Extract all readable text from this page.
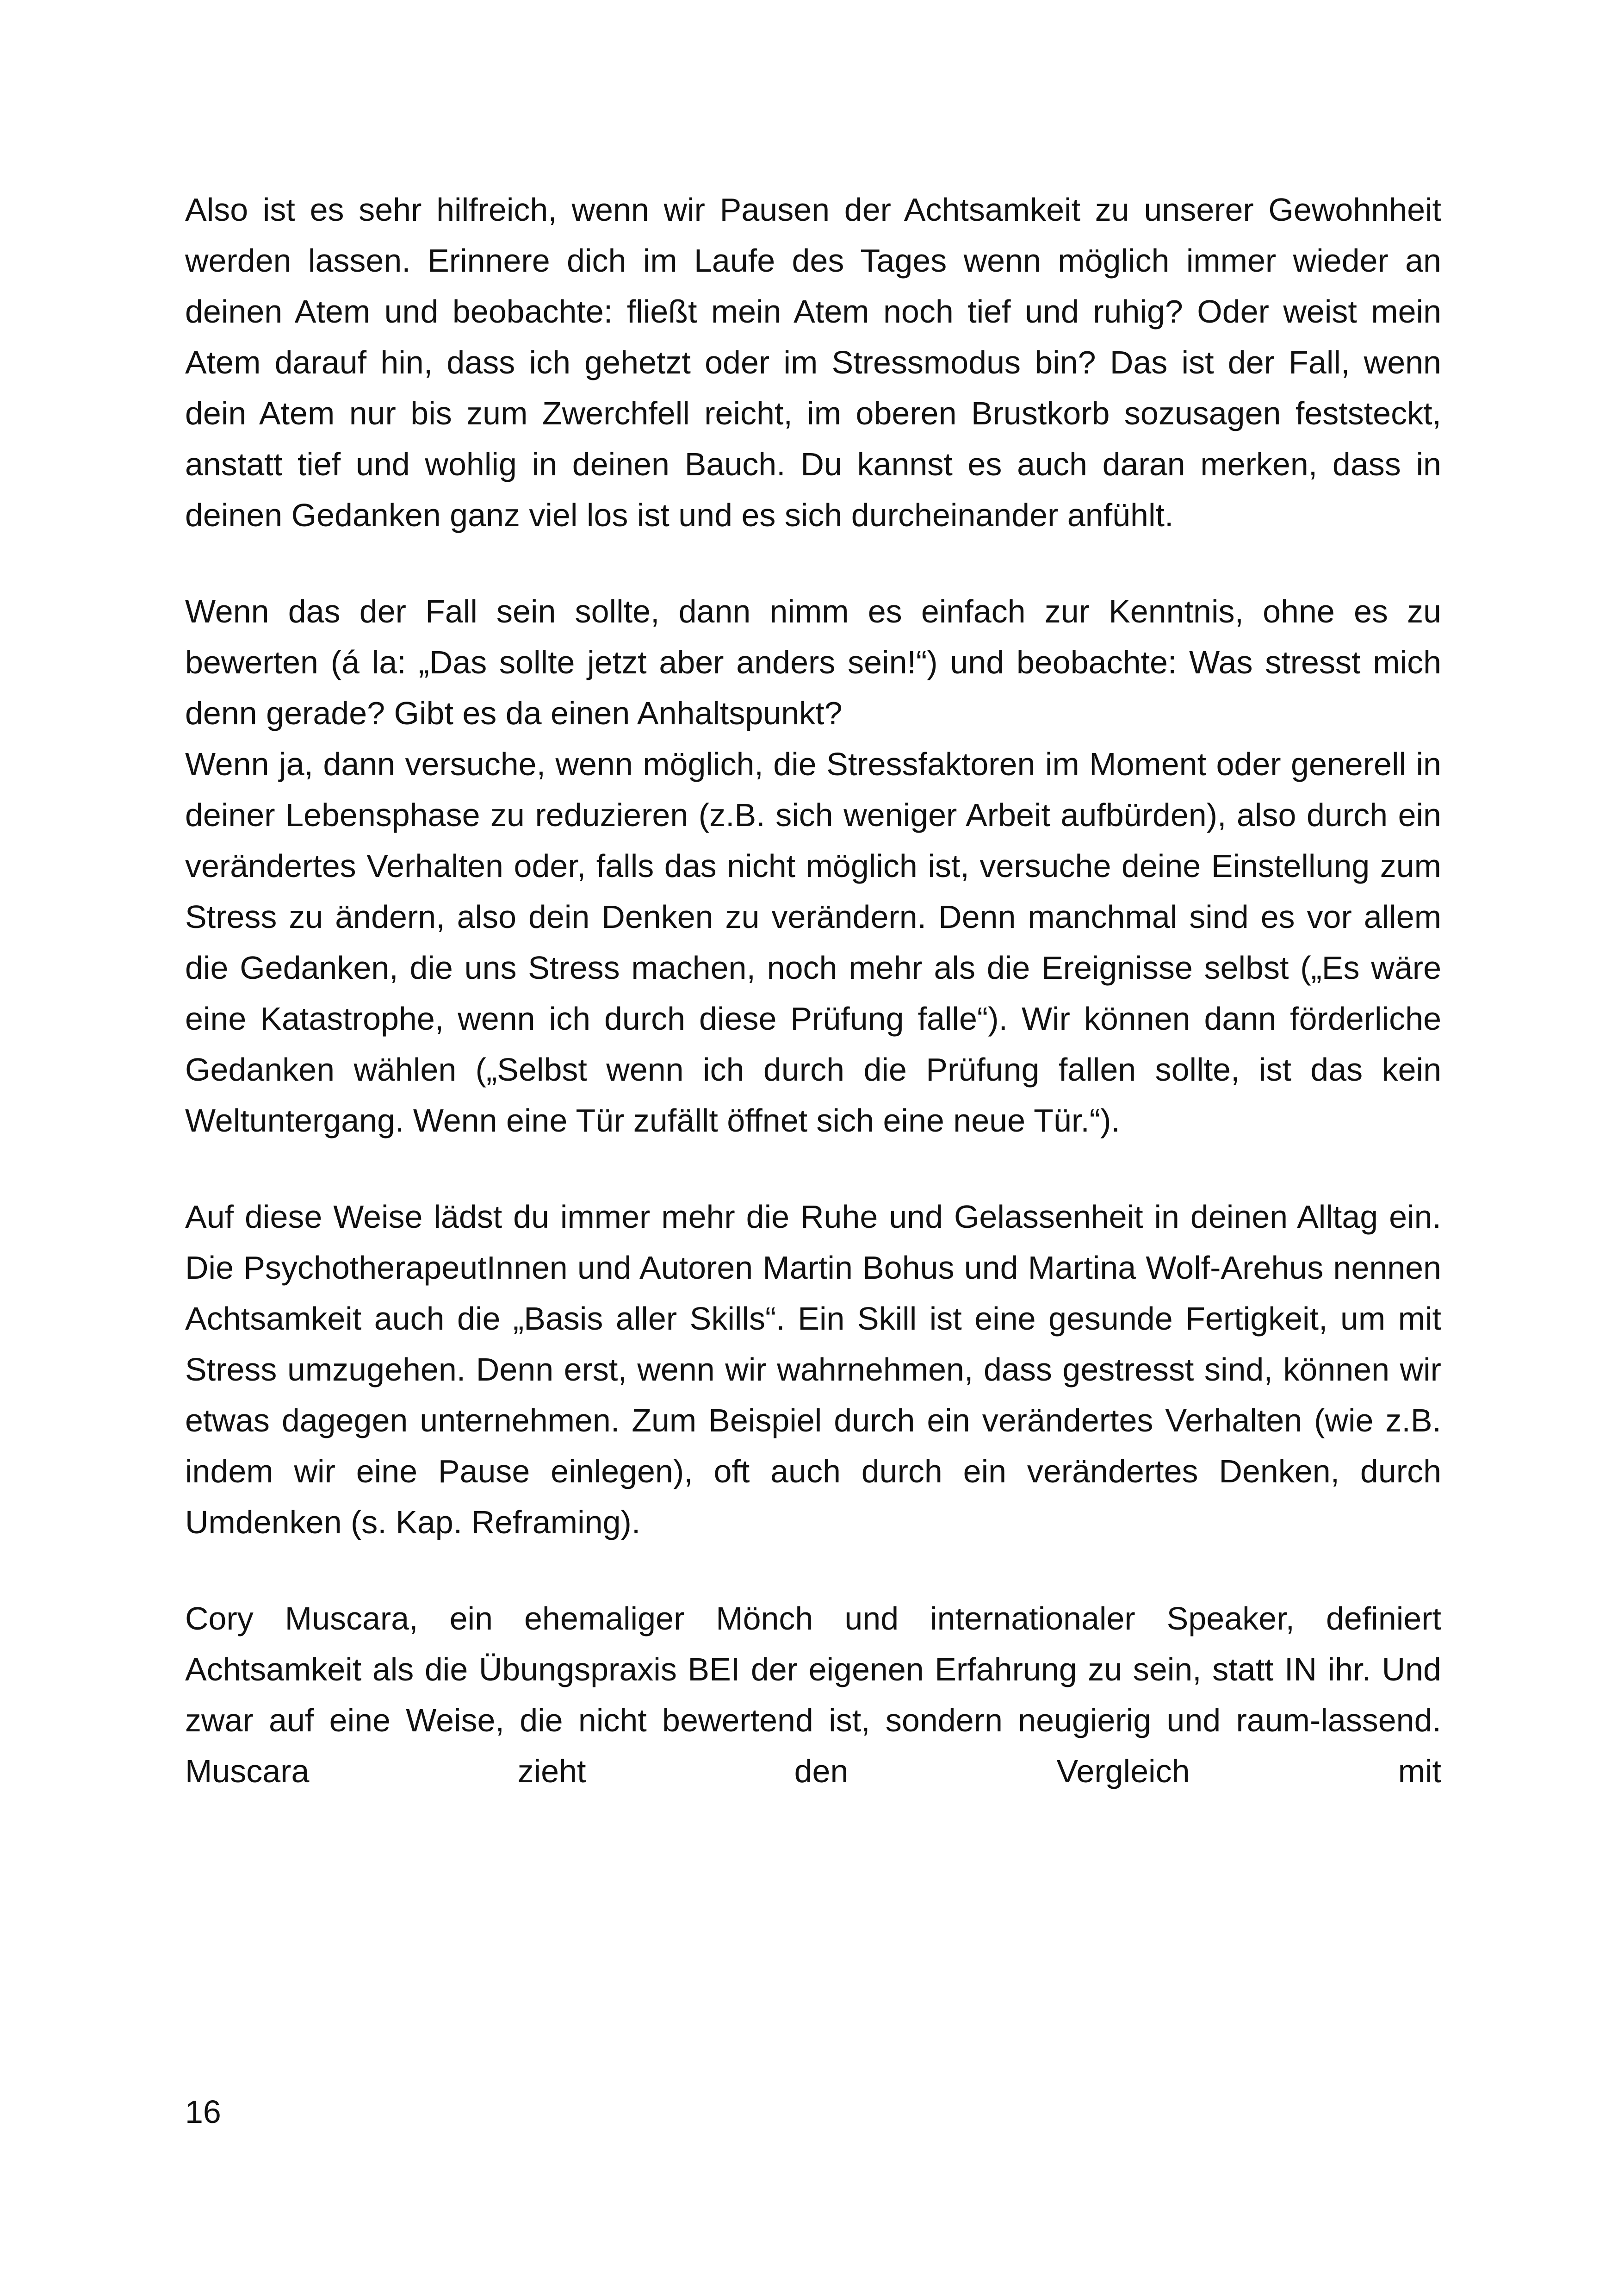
Also ist es sehr hilfreich, wenn wir Pausen der Achtsamkeit zu unserer Gewohnheit werden lassen. Erinnere dich im Laufe des Tages wenn möglich immer wieder an deinen Atem und beobachte: fließt mein Atem noch tief und ruhig? Oder weist mein Atem darauf hin, dass ich gehetzt oder im Stressmodus bin? Das ist der Fall, wenn dein Atem nur bis zum Zwerchfell reicht, im oberen Brustkorb sozusagen feststeckt, anstatt tief und wohlig in deinen Bauch. Du kannst es auch daran merken, dass in deinen Gedanken ganz viel los ist und es sich durcheinander anfühlt.

Wenn das der Fall sein sollte, dann nimm es einfach zur Kenntnis, ohne es zu bewerten (á la: „Das sollte jetzt aber anders sein!“) und beobachte: Was stresst mich denn gerade? Gibt es da einen Anhaltspunkt?

Wenn ja, dann versuche, wenn möglich, die Stressfaktoren im Moment oder generell in deiner Lebensphase zu reduzieren (z.B. sich weniger Arbeit aufbürden), also durch ein verändertes Verhalten oder, falls das nicht möglich ist, versuche deine Einstellung zum Stress zu ändern, also dein Denken zu verändern. Denn manchmal sind es vor allem die Gedanken, die uns Stress machen, noch mehr als die Ereignisse selbst („Es wäre eine Katastrophe, wenn ich durch diese Prüfung falle“). Wir können dann förderliche Gedanken wählen („Selbst wenn ich durch die Prüfung fallen sollte, ist das kein Weltuntergang. Wenn eine Tür zufällt öffnet sich eine neue Tür.“).

Auf diese Weise lädst du immer mehr die Ruhe und Gelassenheit in deinen Alltag ein. Die PsychotherapeutInnen und Autoren Martin Bohus und Martina Wolf-Arehus nennen Achtsamkeit auch die „Basis aller Skills“. Ein Skill ist eine gesunde Fertigkeit, um mit Stress umzugehen. Denn erst, wenn wir wahrnehmen, dass gestresst sind, können wir etwas dagegen unternehmen. Zum Beispiel durch ein verändertes Verhalten (wie z.B. indem wir eine Pause einlegen), oft auch durch ein verändertes Denken, durch Umdenken (s. Kap. Reframing).

Cory Muscara, ein ehemaliger Mönch und internationaler Speaker, definiert Achtsamkeit als die Übungspraxis BEI der eigenen Erfahrung zu sein, statt IN ihr. Und zwar auf eine Weise, die nicht bewertend ist, sondern neugierig und raum-lassend. Muscara zieht den Vergleich mit

16
